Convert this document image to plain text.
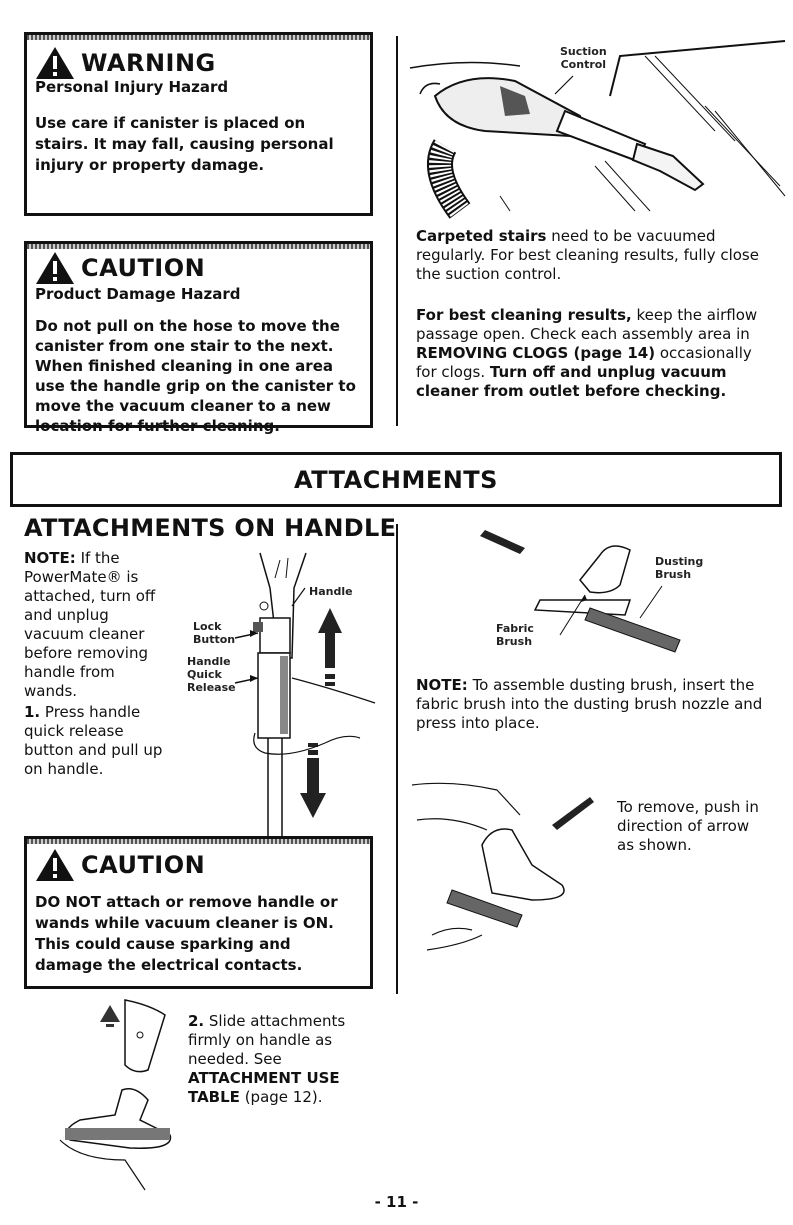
WARNING
Personal Injury Hazard
Use care if canister is placed on stairs. It may fall, causing personal injury or property damage.
CAUTION
Product Damage Hazard
Do not pull on the hose to move the canister from one stair to the next. When finished cleaning in one area use the handle grip on the canister to move the vacuum cleaner to a new location for further cleaning.
Suction
Control
Carpeted stairs need to be vacuumed regularly. For best cleaning results, fully close the suction control.
For best cleaning results, keep the airflow passage open. Check each assembly area in REMOVING CLOGS (page 14) occasionally for clogs. Turn off and unplug vacuum cleaner from outlet before checking.
ATTACHMENTS
ATTACHMENTS ON HANDLE
NOTE: If the PowerMate® is attached, turn off and unplug vacuum cleaner before removing handle from wands.
1. Press handle quick release button and pull up on handle.
Handle
Lock
Button
Handle
Quick
Release
CAUTION
DO NOT attach or remove handle or wands while vacuum cleaner is ON. This could cause sparking and damage the electrical contacts.
2. Slide attachments firmly on handle as needed. See
ATTACHMENT USE TABLE (page 12).
Dusting
Brush
Fabric
Brush
NOTE: To assemble dusting brush, insert the fabric brush into the dusting brush nozzle and press into place.
To remove, push in direction of arrow as shown.
- 11 -
